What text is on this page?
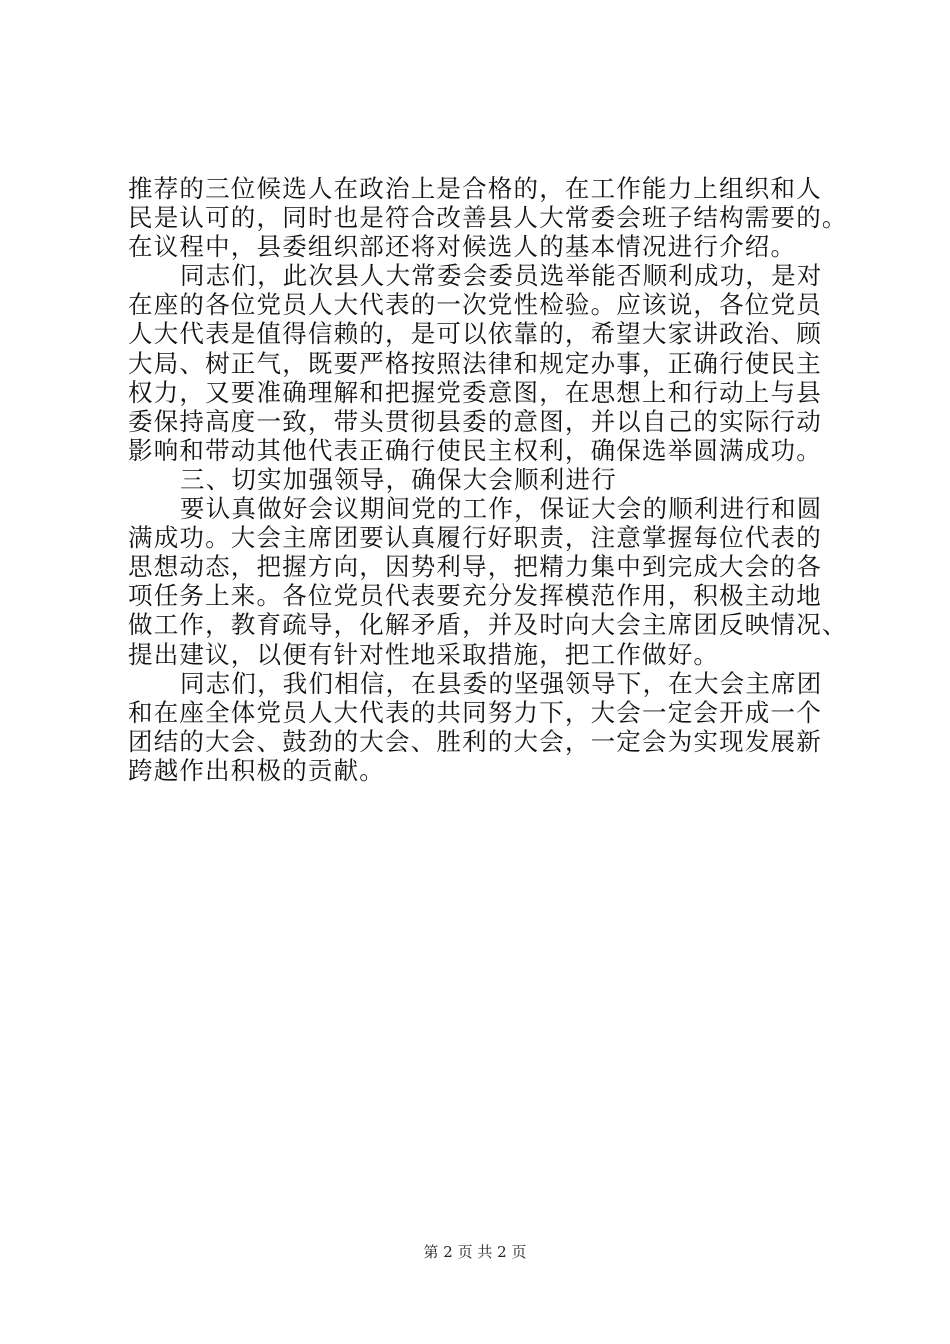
推荐的三位候选人在政治上是合格的，在工作能力上组织和人
民是认可的，同时也是符合改善县人大常委会班子结构需要的。
在议程中，县委组织部还将对候选人的基本情况进行介绍。
同志们，此次县人大常委会委员选举能否顺利成功，是对
在座的各位党员人大代表的一次党性检验。应该说，各位党员
人大代表是值得信赖的，是可以依靠的，希望大家讲政治、顾
大局、树正气，既要严格按照法律和规定办事，正确行使民主
权力，又要准确理解和把握党委意图，在思想上和行动上与县
委保持高度一致，带头贯彻县委的意图，并以自己的实际行动
影响和带动其他代表正确行使民主权利，确保选举圆满成功。
三、切实加强领导，确保大会顺利进行
要认真做好会议期间党的工作，保证大会的顺利进行和圆
满成功。大会主席团要认真履行好职责，注意掌握每位代表的
思想动态，把握方向，因势利导，把精力集中到完成大会的各
项任务上来。各位党员代表要充分发挥模范作用，积极主动地
做工作，教育疏导，化解矛盾，并及时向大会主席团反映情况、
提出建议，以便有针对性地采取措施，把工作做好。
同志们，我们相信，在县委的坚强领导下，在大会主席团
和在座全体党员人大代表的共同努力下，大会一定会开成一个
团结的大会、鼓劲的大会、胜利的大会，一定会为实现发展新
跨越作出积极的贡献。
第 2 页 共 2 页
